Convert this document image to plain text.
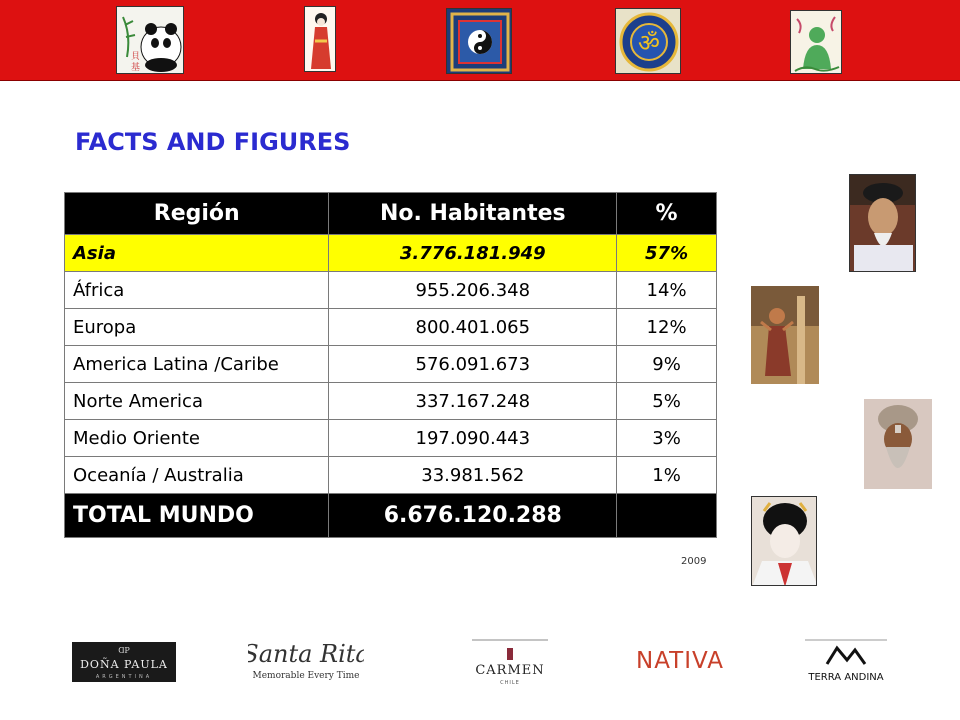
貝
基
ॐ
FACTS AND FIGURES
Región	No. Habitantes	%
Asia	3.776.181.949	57%
África	955.206.348	14%
Europa	800.401.065	12%
America Latina /Caribe	576.091.673	9%
Norte America	337.167.248	5%
Medio Oriente	197.090.443	3%
Oceanía / Australia	33.981.562	1%
TOTAL MUNDO	6.676.120.288	
2009
ᗡP
DOÑA PAULA
ARGENTINA
Santa Rita
Memorable Every Time	CARMEN
CHILE
NATIVA
TERRA ANDINA
